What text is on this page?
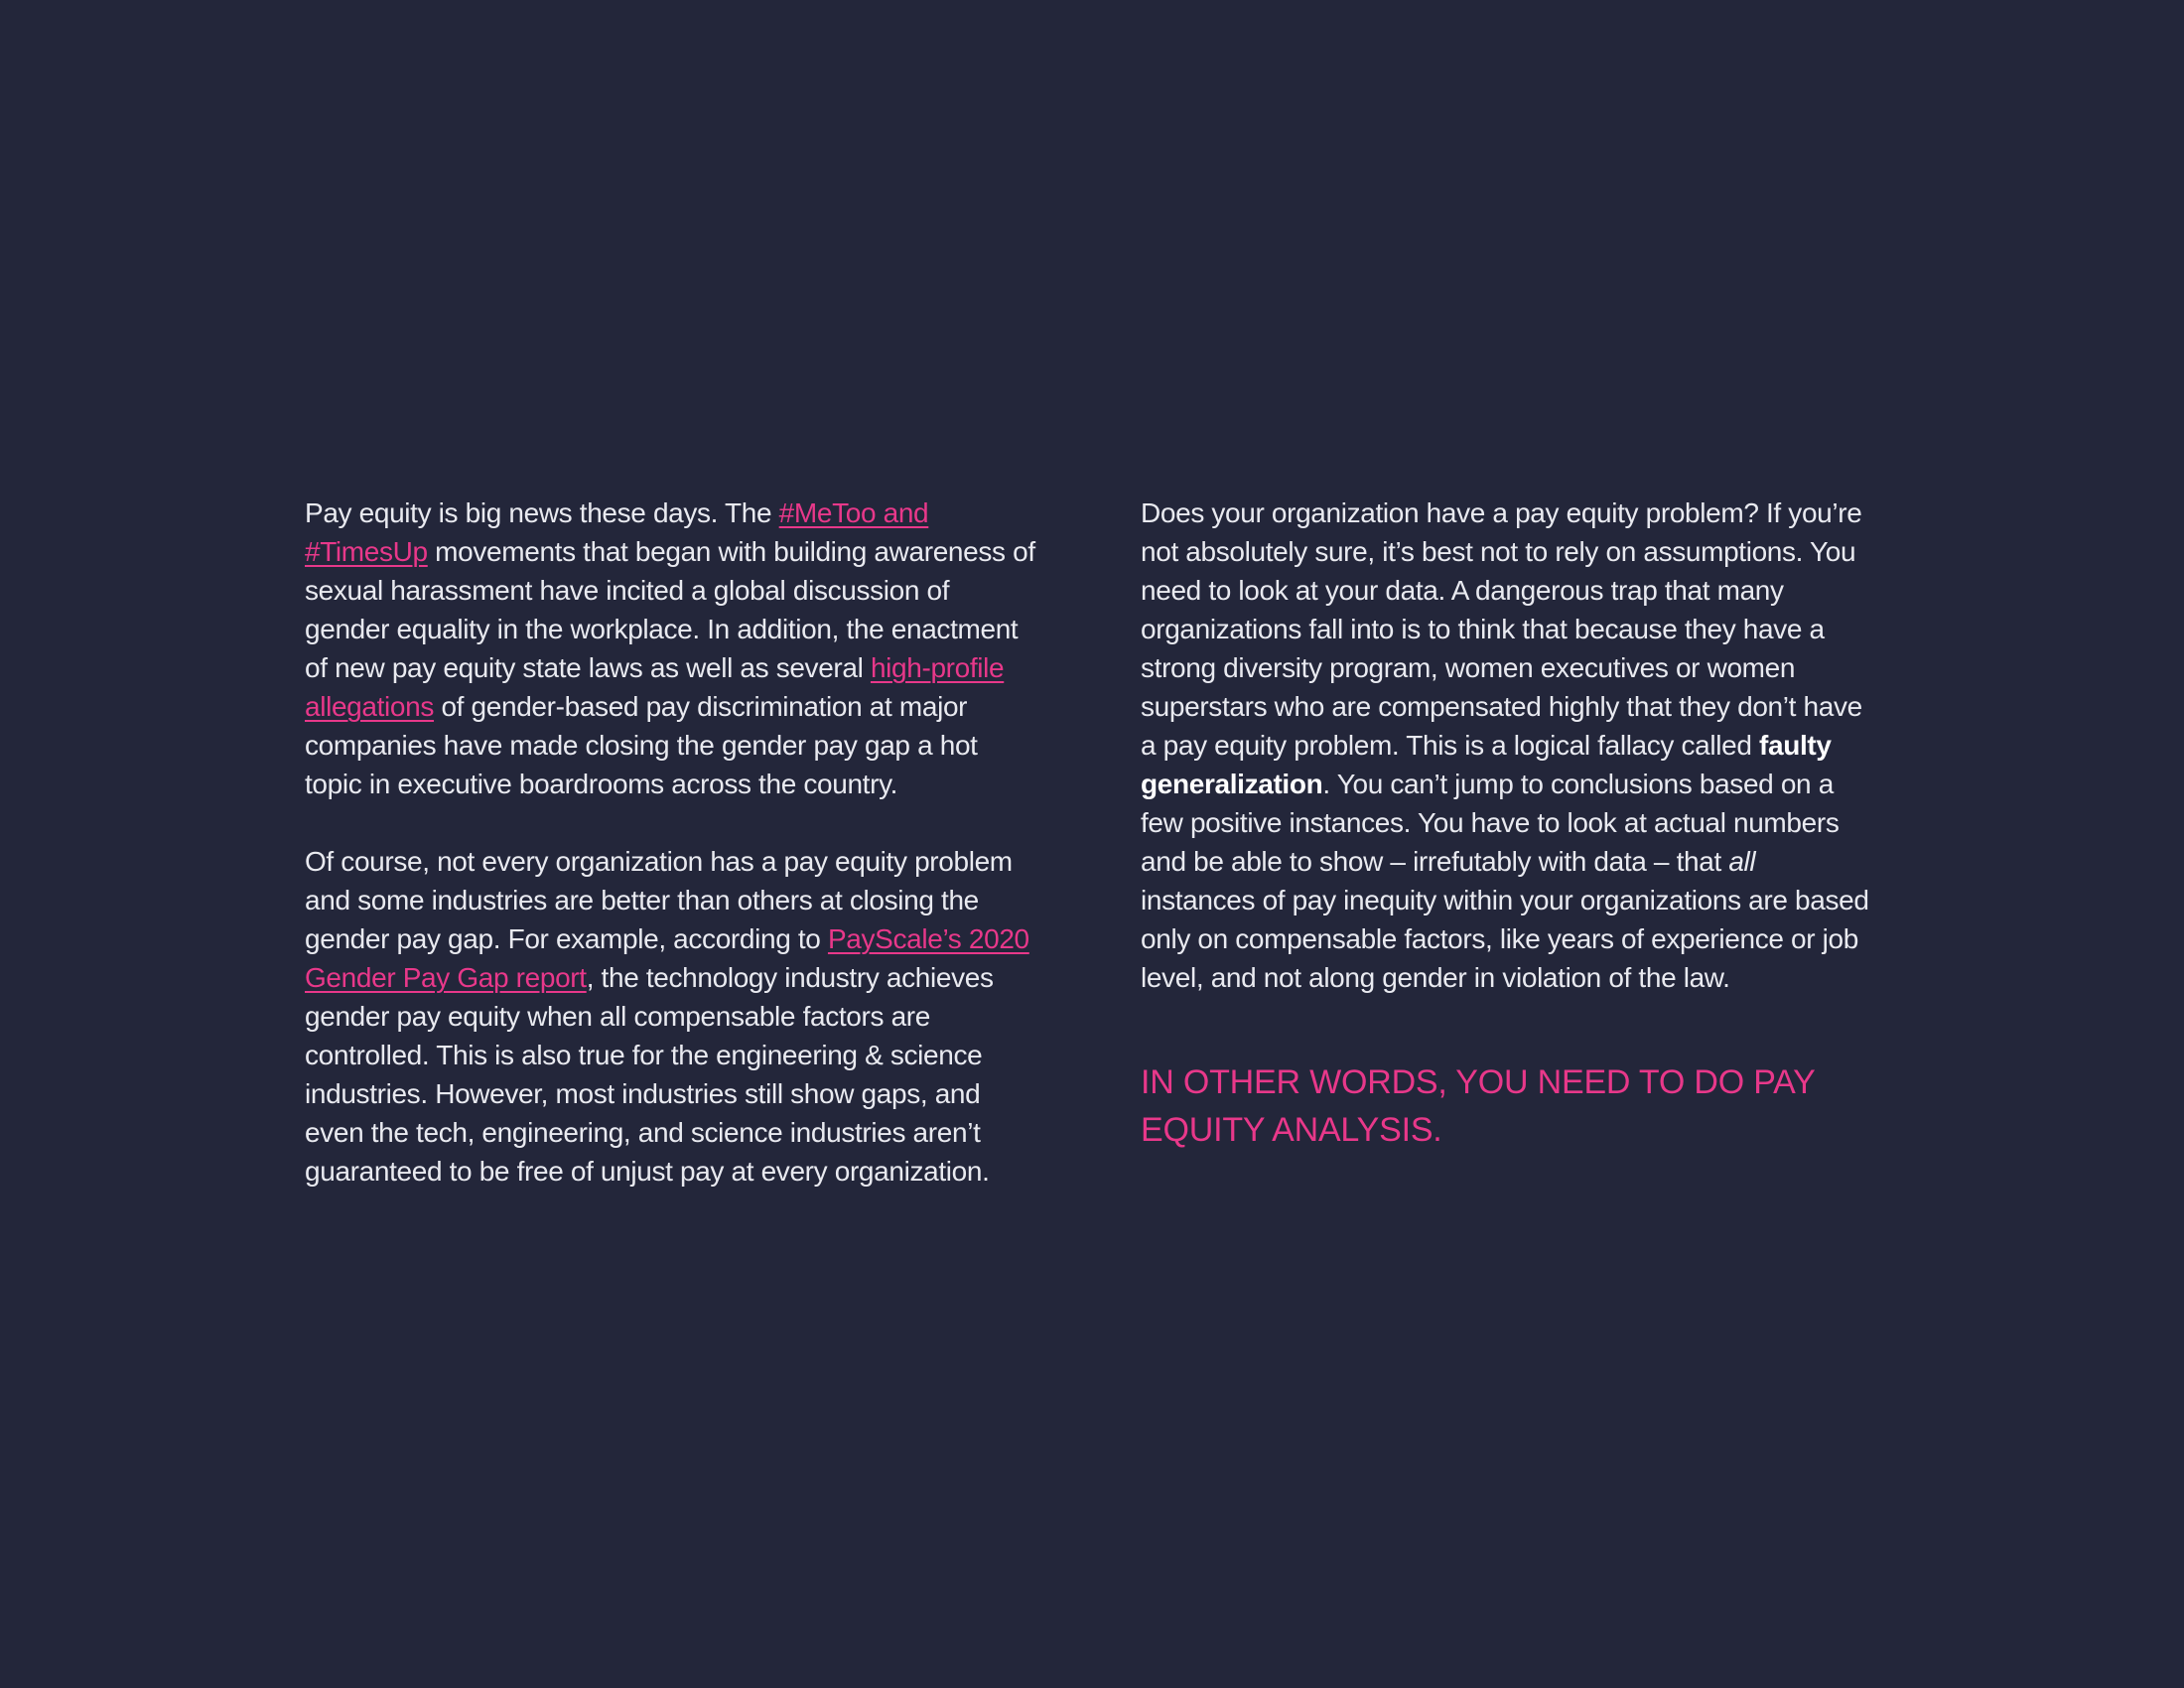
Pay equity is big news these days. The #MeToo and #TimesUp movements that began with building awareness of sexual harassment have incited a global discussion of gender equality in the workplace. In addition, the enactment of new pay equity state laws as well as several high-profile allegations of gender-based pay discrimination at major companies have made closing the gender pay gap a hot topic in executive boardrooms across the country.

Of course, not every organization has a pay equity problem and some industries are better than others at closing the gender pay gap. For example, according to PayScale’s 2020 Gender Pay Gap report, the technology industry achieves gender pay equity when all compensable factors are controlled. This is also true for the engineering & science industries. However, most industries still show gaps, and even the tech, engineering, and science industries aren’t guaranteed to be free of unjust pay at every organization.

Does your organization have a pay equity problem? If you’re not absolutely sure, it’s best not to rely on assumptions. You need to look at your data. A dangerous trap that many organizations fall into is to think that because they have a strong diversity program, women executives or women superstars who are compensated highly that they don’t have a pay equity problem. This is a logical fallacy called faulty generalization. You can’t jump to conclusions based on a few positive instances. You have to look at actual numbers and be able to show – irrefutably with data – that all instances of pay inequity within your organizations are based only on compensable factors, like years of experience or job level, and not along gender in violation of the law.

IN OTHER WORDS, YOU NEED TO DO PAY EQUITY ANALYSIS.
